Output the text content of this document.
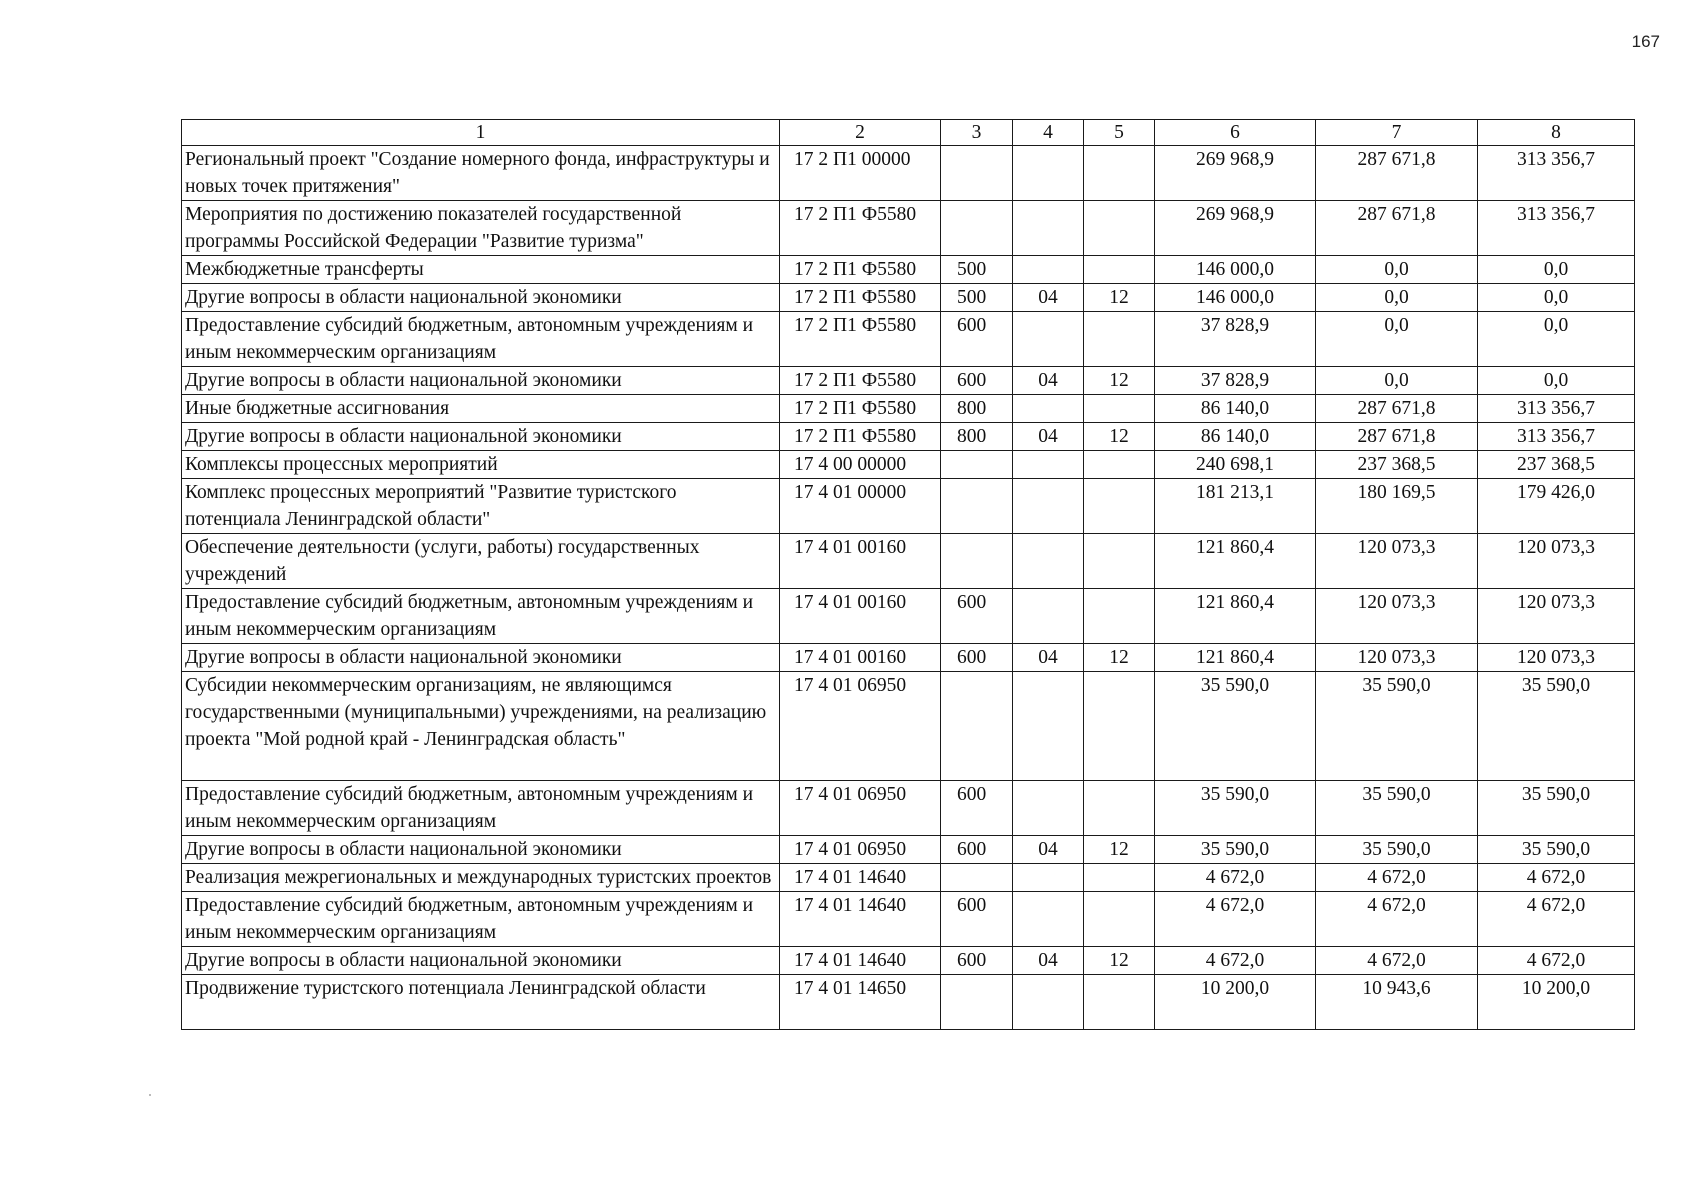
167
1	2	3	4	5	6	7	8
Региональный проект "Создание номерного фонда, инфраструктуры и новых точек притяжения"	17 2 П1 00000				269 968,9	287 671,8	313 356,7
Мероприятия по достижению показателей государственной программы Российской Федерации "Развитие туризма"	17 2 П1 Ф5580				269 968,9	287 671,8	313 356,7
Межбюджетные трансферты	17 2 П1 Ф5580	500			146 000,0	0,0	0,0
Другие вопросы в области национальной экономики	17 2 П1 Ф5580	500	04	12	146 000,0	0,0	0,0
Предоставление субсидий бюджетным, автономным учреждениям и иным некоммерческим организациям	17 2 П1 Ф5580	600			37 828,9	0,0	0,0
Другие вопросы в области национальной экономики	17 2 П1 Ф5580	600	04	12	37 828,9	0,0	0,0
Иные бюджетные ассигнования	17 2 П1 Ф5580	800			86 140,0	287 671,8	313 356,7
Другие вопросы в области национальной экономики	17 2 П1 Ф5580	800	04	12	86 140,0	287 671,8	313 356,7
Комплексы процессных мероприятий	17 4 00 00000				240 698,1	237 368,5	237 368,5
Комплекс процессных мероприятий "Развитие туристского потенциала Ленинградской области"	17 4 01 00000				181 213,1	180 169,5	179 426,0
Обеспечение деятельности (услуги, работы) государственных учреждений	17 4 01 00160				121 860,4	120 073,3	120 073,3
Предоставление субсидий бюджетным, автономным учреждениям и иным некоммерческим организациям	17 4 01 00160	600			121 860,4	120 073,3	120 073,3
Другие вопросы в области национальной экономики	17 4 01 00160	600	04	12	121 860,4	120 073,3	120 073,3
Субсидии некоммерческим организациям, не являющимся государственными (муниципальными) учреждениями, на реализацию проекта "Мой родной край - Ленинградская область"	17 4 01 06950				35 590,0	35 590,0	35 590,0
Предоставление субсидий бюджетным, автономным учреждениям и иным некоммерческим организациям	17 4 01 06950	600			35 590,0	35 590,0	35 590,0
Другие вопросы в области национальной экономики	17 4 01 06950	600	04	12	35 590,0	35 590,0	35 590,0
Реализация межрегиональных и международных туристских проектов	17 4 01 14640				4 672,0	4 672,0	4 672,0
Предоставление субсидий бюджетным, автономным учреждениям и иным некоммерческим организациям	17 4 01 14640	600			4 672,0	4 672,0	4 672,0
Другие вопросы в области национальной экономики	17 4 01 14640	600	04	12	4 672,0	4 672,0	4 672,0
Продвижение туристского потенциала Ленинградской области	17 4 01 14650				10 200,0	10 943,6	10 200,0
